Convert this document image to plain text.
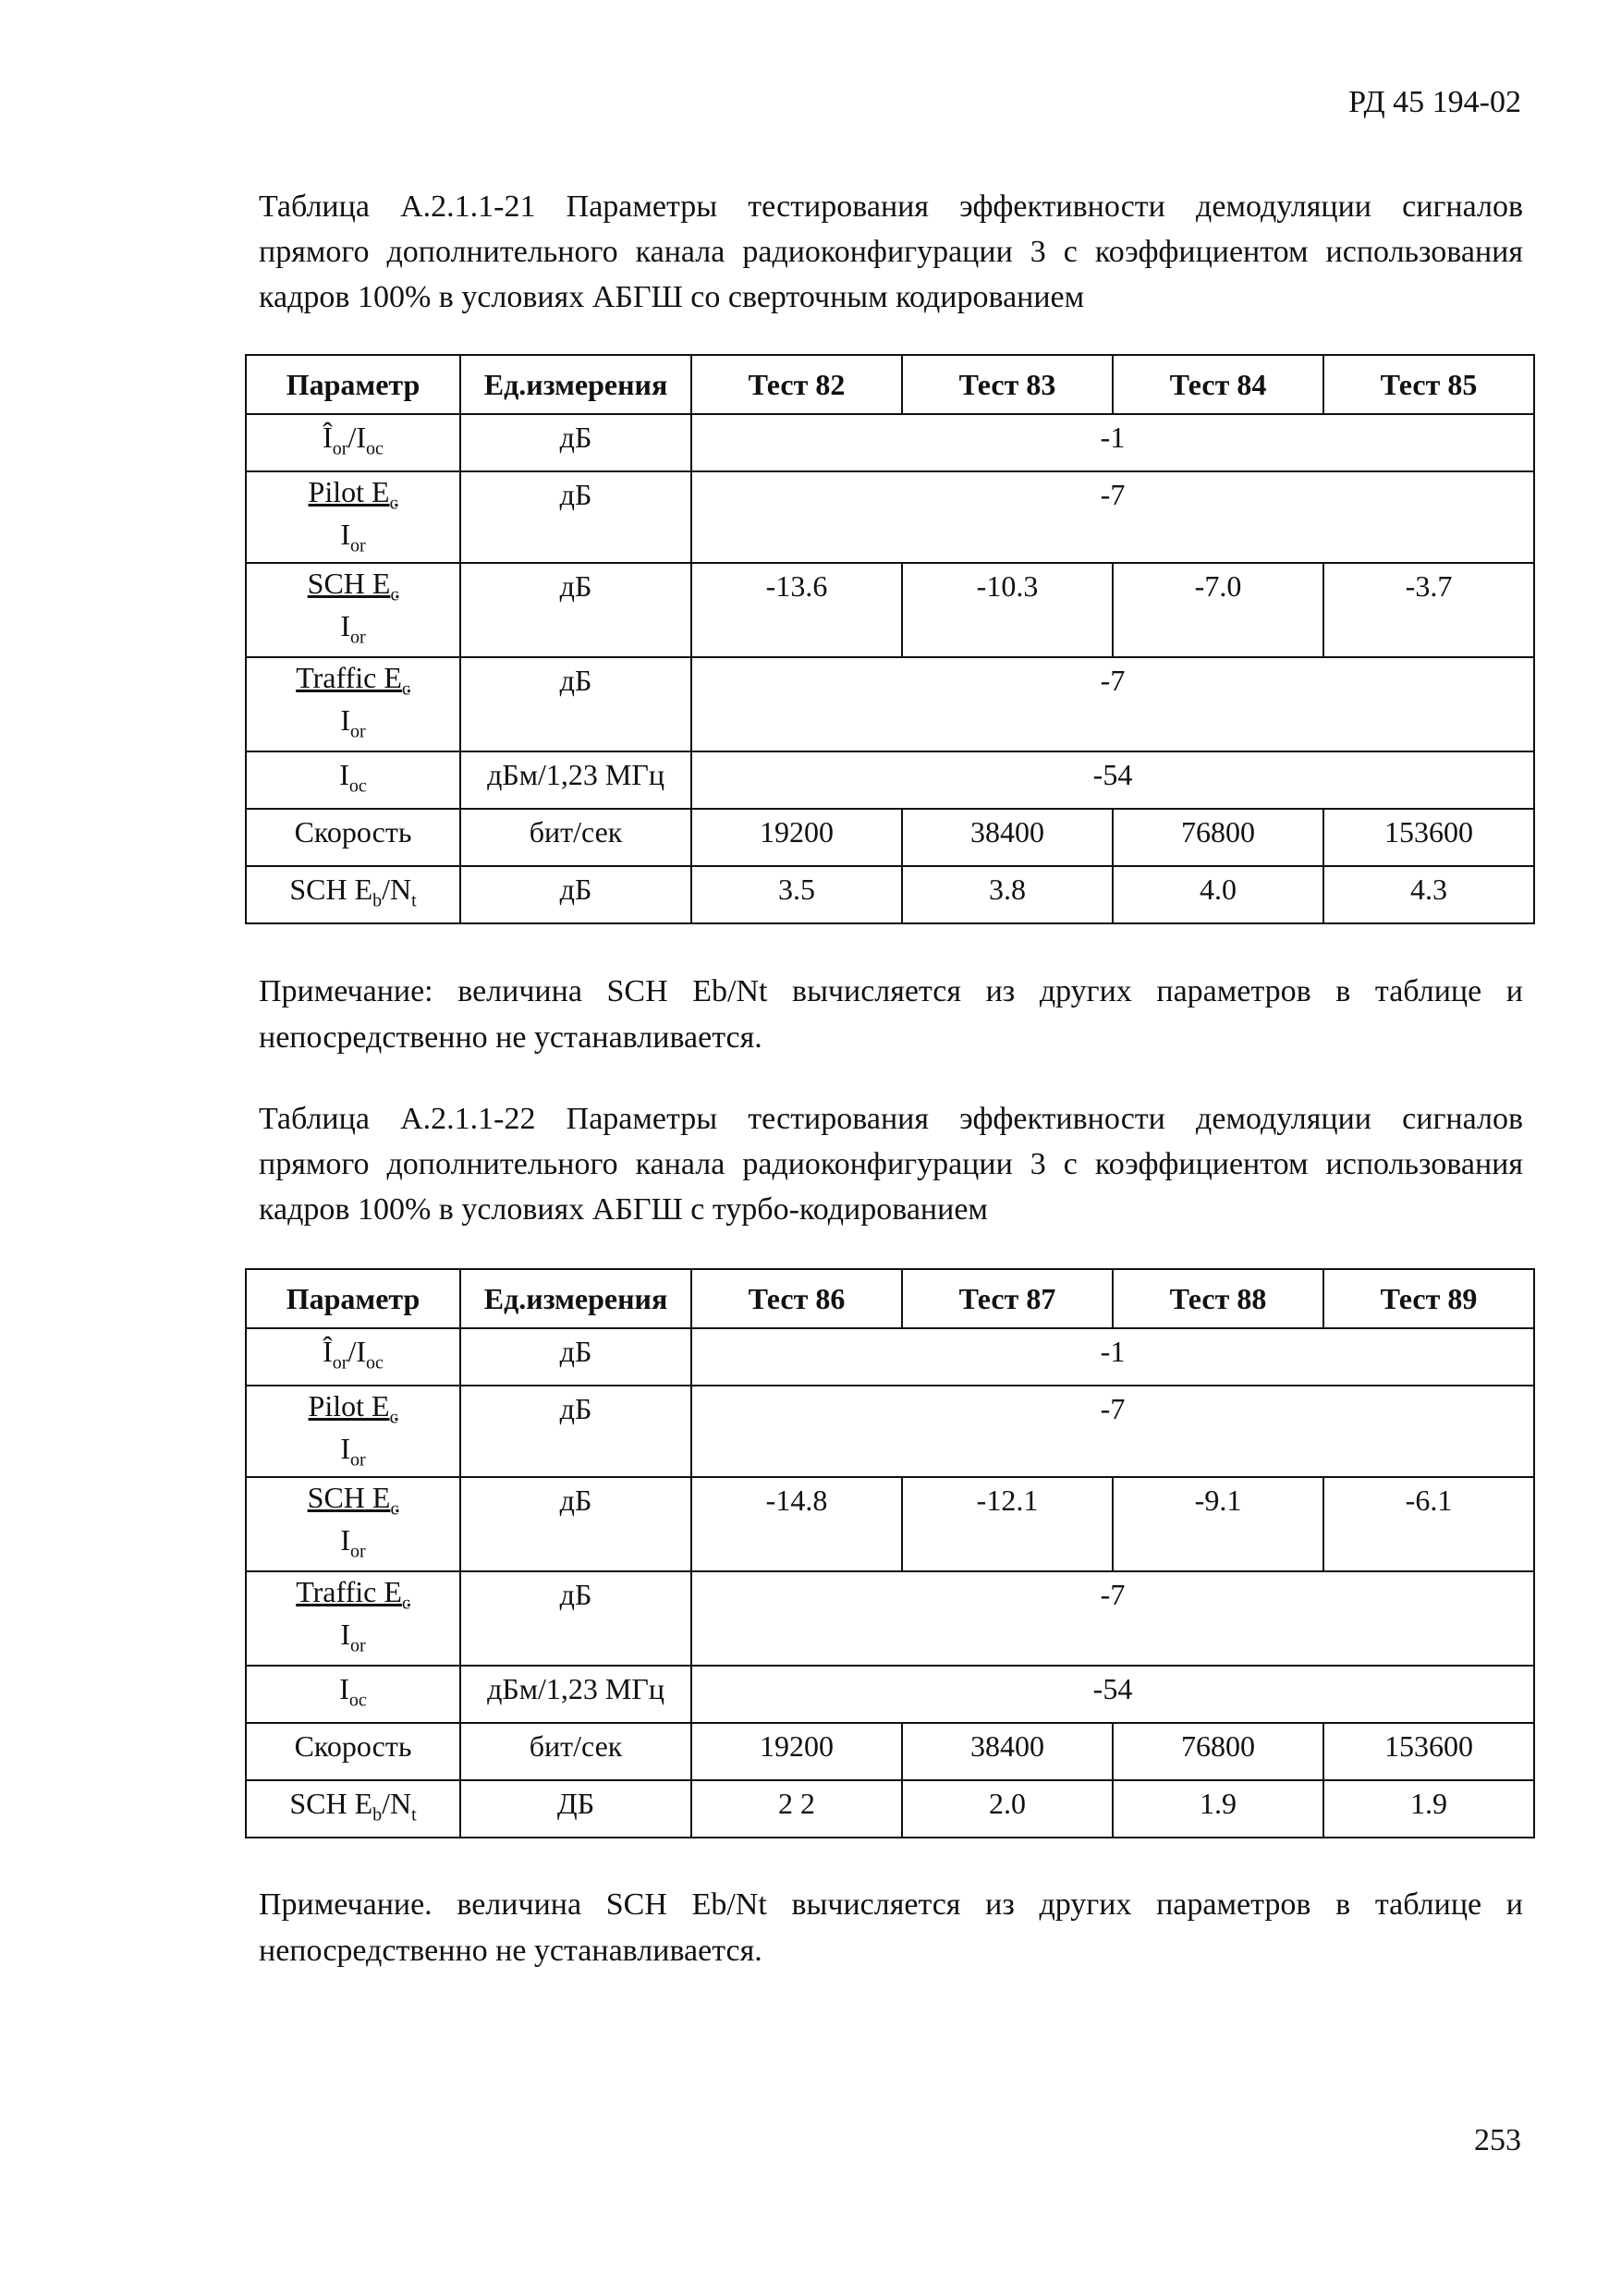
РД 45 194-02
Таблица А.2.1.1-21 Параметры тестирования эффективности демодуляции сигналов
прямого дополнительного канала радиоконфигурации 3 с коэффициентом использования
кадров 100% в условиях АБГШ со сверточным кодированием
Параметр	Ед.измерения	Тест 82	Тест 83	Тест 84	Тест 85

$Î_{or}/I_{oc}$	дБ	-1			

$\frac{Pilot E_c}{I_{or}}$	дБ	-7			

$\frac{SCH E_c}{I_{or}}$	дБ	-13.6	-10.3	-7.0	-3.7

$\frac{Traffic E_c}{I_{or}}$	дБ	-7			

$I_{oc}$	дБм/1,23 МГц	-54			

Скорость	бит/сек	19200	38400	76800	153600

SCH $E_b/N_t$	дБ	3.5	3.8	4.0	4.3
Примечание: величина SCH Eb/Nt вычисляется из других параметров в таблице и
непосредственно не устанавливается.
Таблица А.2.1.1-22 Параметры тестирования эффективности демодуляции сигналов
прямого дополнительного канала радиоконфигурации 3 с коэффициентом использования
кадров 100% в условиях АБГШ с турбо-кодированием
Параметр	Ед.измерения	Тест 86	Тест 87	Тест 88	Тест 89

$Î_{or}/I_{oc}$	дБ	-1			

$\frac{Pilot E_c}{I_{or}}$	дБ	-7			

$\frac{SCH E_c}{I_{or}}$	дБ	-14.8	-12.1	-9.1	-6.1

$\frac{Traffic E_c}{I_{or}}$	дБ	-7			

$I_{oc}$	дБм/1,23 МГц	-54			

Скорость	бит/сек	19200	38400	76800	153600

SCH $E_b/N_t$	ДБ	2 2	2.0	1.9	1.9
Примечание. величина SCH Eb/Nt вычисляется из других параметров в таблице и
непосредственно не устанавливается.
253
